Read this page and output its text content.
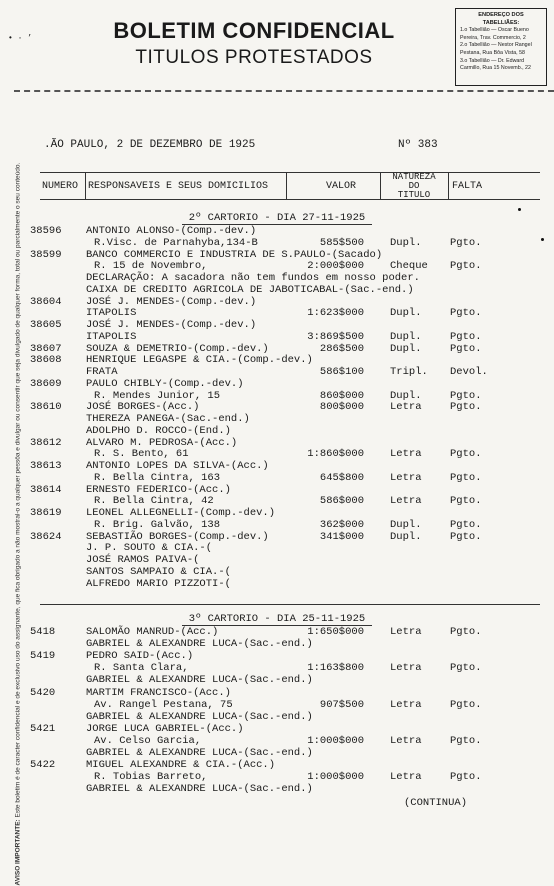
• · ’	BOLETIM CONFIDENCIAL
TITULOS PROTESTADOS
ENDEREÇO DOS TABELLIÃES:
1.o Tabellião — Oscar Bueno
Pereira, Trav. Commercio, 2
2.o Tabellião — Nestor Rangel
Pestana, Rua Bôa Vista, 58
3.o Tabellião — Dr. Edward
Carmillo, Rua 15 Novemb., 22
AVISO IMPORTANTE: Este boletim é de caracter confidencial e de exclusivo uso do assignante, que fica obrigado a não mostral-o a qualquer pessôa e divulgar ou consentir que seja divulgado de qualquer forma, total ou parcialmente o seu conteúdo.
.ÃO PAULO, 2 DE DEZEMBRO DE 1925	Nº 383
NUMERO RESPONSAVEIS E SEUS DOMICILIOS	VALOR
NATUREZA
DO
TITULO
FALTA
2º CARTORIO - DIA 27-11-1925
38596 ANTONIO ALONSO-(Comp.-dev.)
R.Visc. de Parnahyba,134-B	585$500 Dupl.	Pgto.
38599 BANCO COMMERCIO E INDUSTRIA DE S.PAULO-(Sacado)
R. 15 de Novembro,	2:000$000 Cheque Pgto.
DECLARAÇÃO: A sacadora não tem fundos em nosso poder.
CAIXA DE CREDITO AGRICOLA DE JABOTICABAL-(Sac.-end.)
38604 JOSÉ J. MENDES-(Comp.-dev.)
ITAPOLIS	1:623$000 Dupl.	Pgto.
38605 JOSÉ J. MENDES-(Comp.-dev.)
ITAPOLIS	3:869$500 Dupl.	Pgto.
38607 SOUZA & DEMETRIO-(Comp.-dev.)	286$500 Dupl.	Pgto.
38608 HENRIQUE LEGASPE & CIA.-(Comp.-dev.)
FRATA	586$100 Tripl. Devol.
38609 PAULO CHIBLY-(Comp.-dev.)
R. Mendes Junior, 15	860$000 Dupl.	Pgto.
38610 JOSÉ BORGES-(Acc.)	800$000 Letra	Pgto.
THEREZA PANEGA-(Sac.-end.)
ADOLPHO D. ROCCO-(End.)
38612 ALVARO M. PEDROSA-(Acc.)
R. S. Bento, 61	1:860$000 Letra	Pgto.
38613 ANTONIO LOPES DA SILVA-(Acc.)
R. Bella Cintra, 163	645$800 Letra	Pgto.
38614 ERNESTO FEDERICO-(Acc.)
R. Bella Cintra, 42	586$000 Letra	Pgto.
38619 LEONEL ALLEGNELLI-(Comp.-dev.)
R. Brig. Galvão, 138	362$000 Dupl.	Pgto.
38624 SEBASTIÃO BORGES-(Comp.-dev.)	341$000 Dupl.	Pgto.
J. P. SOUTO & CIA.-(
JOSÉ RAMOS PAIVA-(
SANTOS SAMPAIO & CIA.-(
ALFREDO MARIO PIZZOTI-(
3º CARTORIO - DIA 25-11-1925
5418	SALOMÃO MANRUD-(Acc.)	1:650$000 Letra	Pgto.
GABRIEL & ALEXANDRE LUCA-(Sac.-end.)
5419	PEDRO SAID-(Acc.)
R. Santa Clara,	1:163$800 Letra	Pgto.
GABRIEL & ALEXANDRE LUCA-(Sac.-end.)
5420	MARTIM FRANCISCO-(Acc.)
Av. Rangel Pestana, 75	907$500 Letra	Pgto.
GABRIEL & ALEXANDRE LUCA-(Sac.-end.)
5421	JORGE LUCA GABRIEL-(Acc.)
Av. Celso Garcia,	1:000$000 Letra	Pgto.
GABRIEL & ALEXANDRE LUCA-(Sac.-end.)
5422	MIGUEL ALEXANDRE & CIA.-(Acc.)
R. Tobias Barreto,	1:000$000 Letra	Pgto.
GABRIEL & ALEXANDRE LUCA-(Sac.-end.)
(CONTINUA)
